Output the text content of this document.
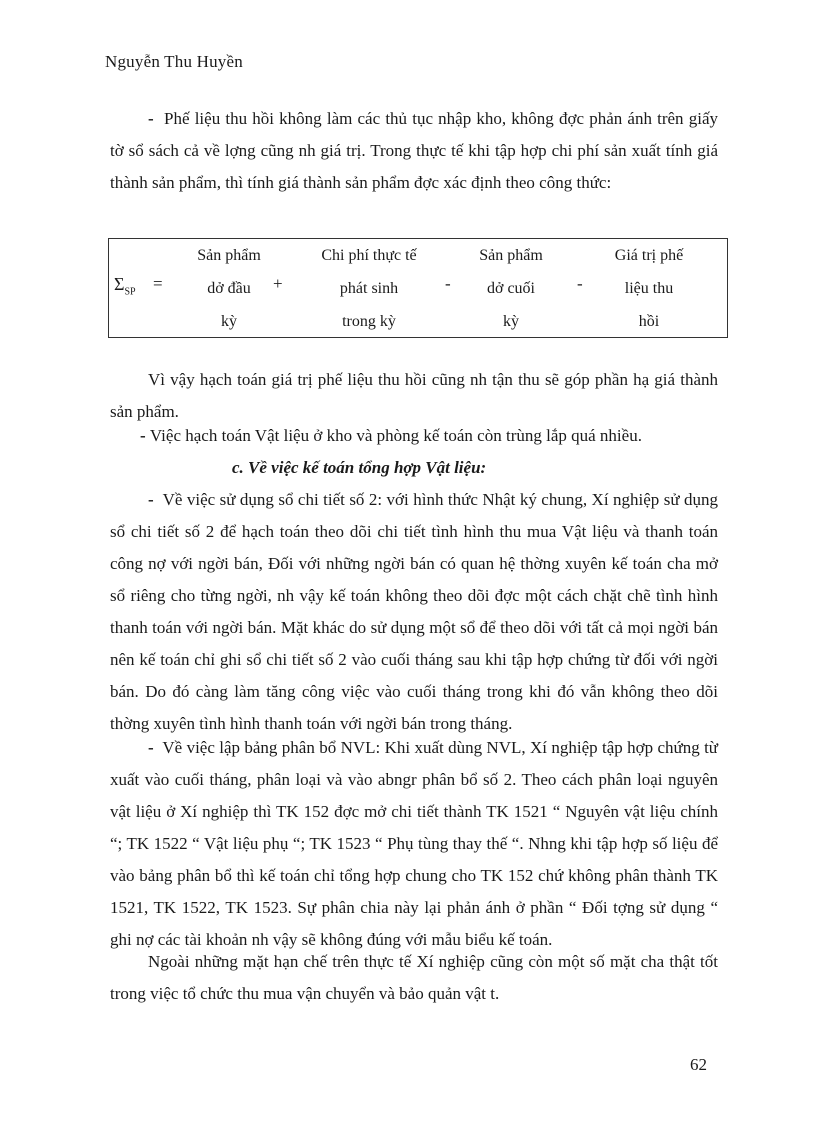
Nguyễn Thu Huyền
- Phế liệu thu hồi không làm các thủ tục nhập kho, không đợc phản ánh trên giấy tờ sổ sách cả về lợng cũng nh giá trị. Trong thực tế khi tập hợp chi phí sản xuất tính giá thành sản phẩm, thì tính giá thành sản phẩm đợc xác định theo công thức:
$\Sigma_{SP}$ =
Sản phẩm
dở đầu
kỳ
+
Chi phí thực tế
phát sinh
trong kỳ
-
Sản phẩm
dở cuối
kỳ
-
Giá trị phế
liệu thu
hồi
Vì vậy hạch toán giá trị phế liệu thu hồi cũng nh tận thu sẽ góp phần hạ giá thành sản phẩm.
- Việc hạch toán Vật liệu ở kho và phòng kế toán còn trùng lắp quá nhiều.
c. Về việc kế toán tổng hợp Vật liệu:
- Về việc sử dụng sổ chi tiết số 2: với hình thức Nhật ký chung, Xí nghiệp sử dụng sổ chi tiết số 2 để hạch toán theo dõi chi tiết tình hình thu mua Vật liệu và thanh toán công nợ với ngời bán, Đối với những ngời bán có quan hệ thờng xuyên kế toán cha mở sổ riêng cho từng ngời, nh vậy kế toán không theo dõi đợc một cách chặt chẽ tình hình thanh toán với ngời bán. Mặt khác do sử dụng một sổ để theo dõi với tất cả mọi ngời bán nên kế toán chỉ ghi sổ chi tiết số 2 vào cuối tháng sau khi tập hợp chứng từ đối với ngời bán. Do đó càng làm tăng công việc vào cuối tháng trong khi đó vẫn không theo dõi thờng xuyên tình hình thanh toán với ngời bán trong tháng.
- Về việc lập bảng phân bổ NVL: Khi xuất dùng NVL, Xí nghiệp tập hợp chứng từ xuất vào cuối tháng, phân loại và vào abngr phân bổ số 2. Theo cách phân loại nguyên vật liệu ở Xí nghiệp thì TK 152 đợc mở chi tiết thành TK 1521 “ Nguyên vật liệu chính “; TK 1522 “ Vật liệu phụ “; TK 1523 “ Phụ tùng thay thế “. Nhng khi tập hợp số liệu để vào bảng phân bổ thì kế toán chỉ tổng hợp chung cho TK 152 chứ không phân thành TK 1521, TK 1522, TK 1523. Sự phân chia này lại phản ánh ở phần “ Đối tợng sử dụng “ ghi nợ các tài khoản nh vậy sẽ không đúng với mẫu biểu kế toán.
Ngoài những mặt hạn chế trên thực tế Xí nghiệp cũng còn một số mặt cha thật tốt trong việc tổ chức thu mua vận chuyển và bảo quản vật t.
62
